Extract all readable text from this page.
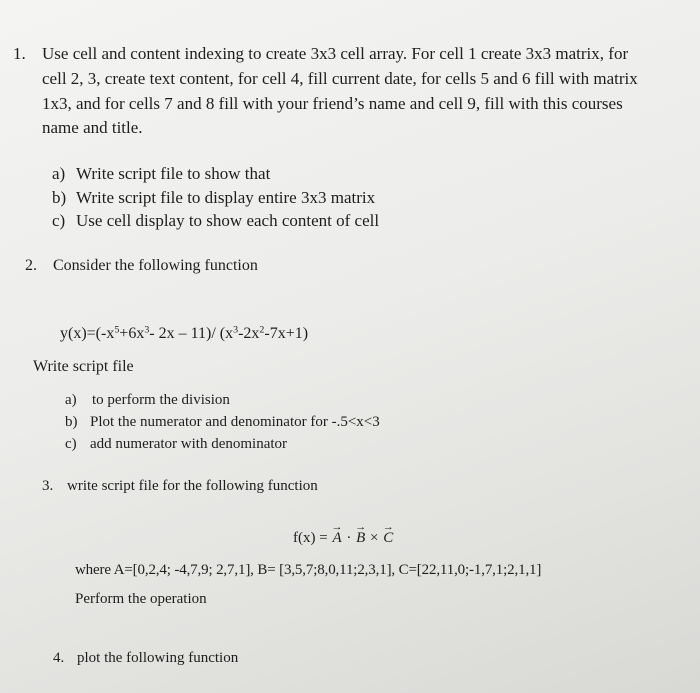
1. Use cell and content indexing to create 3x3 cell array. For cell 1 create 3x3 matrix, for
cell 2, 3, create text content, for cell 4, fill current date, for cells 5 and 6 fill with matrix
1x3, and for cells 7 and 8 fill with your friend’s name and cell 9, fill with this courses
name and title.
a) Write script file to show that
b) Write script file to display entire 3x3 matrix
c) Use cell display to show each content of cell
2. Consider the following function
$y(x)=(-x^5+6x^3-$ 2x – 11)/ $(x^3-2x^2-7x+1)$
Write script file
a) to perform the division
b) Plot the numerator and denominator for -.5<x<3
c) add numerator with denominator
3. write script file for the following function
f(x) = → A · → B × → C
where A=[0,2,4; -4,7,9; 2,7,1], B= [3,5,7;8,0,11;2,3,1], C=[22,11,0;-1,7,1;2,1,1]
Perform the operation
4. plot the following function
